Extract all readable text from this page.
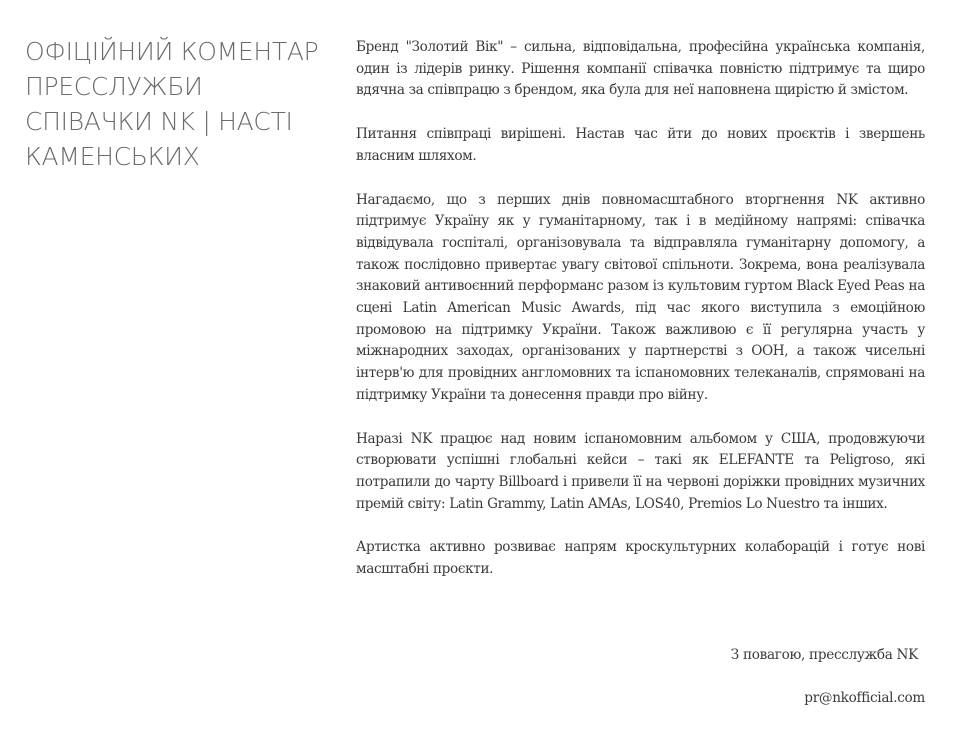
ОФІЦІЙНИЙ КОМЕНТАР
ПРЕССЛУЖБИ
СПІВАЧКИ NK | НАСТІ
КАМЕНСЬКИХ

Бренд "Золотий Вік" – сильна, відповідальна, професійна українська компанія, один із лідерів ринку. Рішення компанії співачка повністю підтримує та щиро вдячна за співпрацю з брендом, яка була для неї наповнена щирістю й змістом.

Питання співпраці вирішені. Настав час йти до нових проєктів і звершень власним шляхом.

Нагадаємо, що з перших днів повномасштабного вторгнення NK активно підтримує Україну як у гуманітарному, так і в медійному напрямі: співачка відвідувала госпіталі, організовувала та відправляла гуманітарну допомогу, а також послідовно привертає увагу світової спільноти. Зокрема, вона реалізувала знаковий антивоєнний перформанс разом із культовим гуртом Black Eyed Peas на сцені Latin American Music Awards, під час якого виступила з емоційною промовою на підтримку України. Також важливою є її регулярна участь у міжнародних заходах, організованих у партнерстві з ООН, а також чисельні інтерв'ю для провідних англомовних та іспаномовних телеканалів, спрямовані на підтримку України та донесення правди про війну.

Наразі NK працює над новим іспаномовним альбомом у США, продовжуючи створювати успішні глобальні кейси – такі як ELEFANTE та Peligroso, які потрапили до чарту Billboard і привели її на червоні доріжки провідних музичних премій світу: Latin Grammy, Latin AMAs, LOS40, Premios Lo Nuestro та інших.

Артистка активно розвиває напрям кроскультурних колаборацій і готує нові масштабні проєкти.

З повагою, пресслужба NK

pr@nkofficial.com
